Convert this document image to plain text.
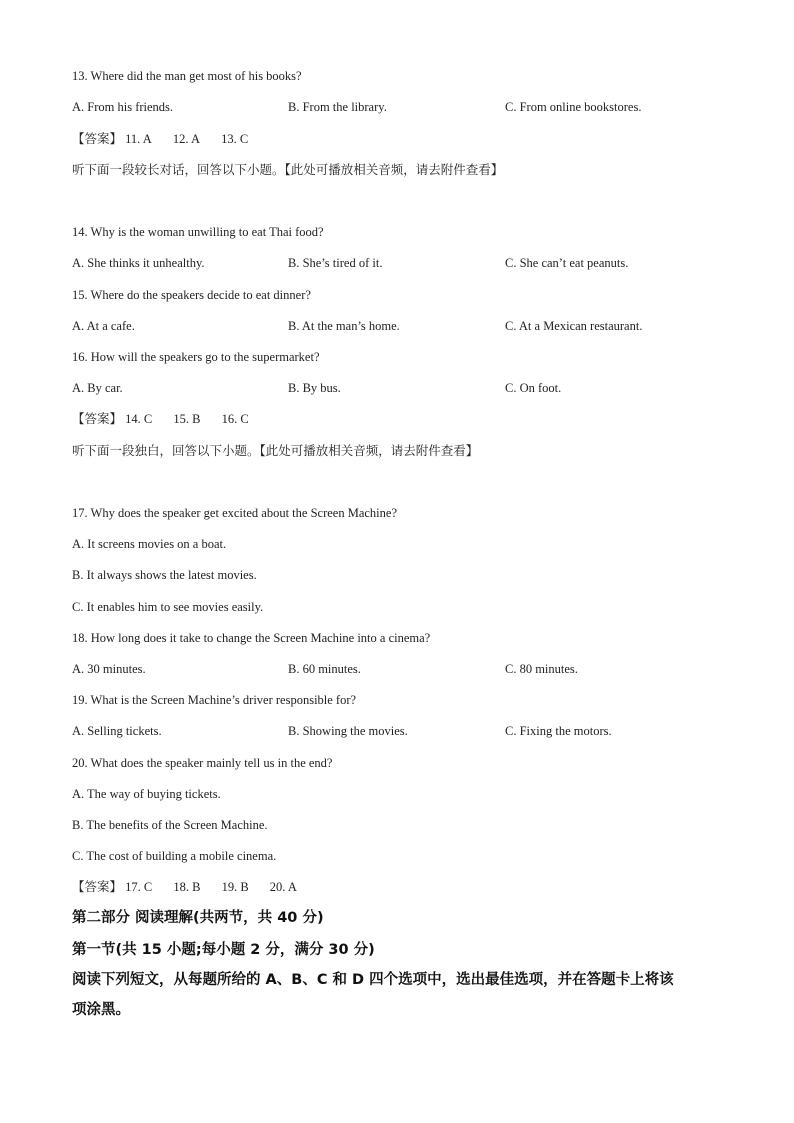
13. Where did the man get most of his books?
A. From his friends.	B. From the library.	C. From online bookstores.
【答案】 11. A 12. A 13. C
听下面一段较长对话，回答以下小题。【此处可播放相关音频，请去附件查看】
14. Why is the woman unwilling to eat Thai food?
A. She thinks it unhealthy.	B. She’s tired of it.	C. She can’t eat peanuts.
15. Where do the speakers decide to eat dinner?
A. At a cafe.	B. At the man’s home.	C. At a Mexican restaurant.
16. How will the speakers go to the supermarket?
A. By car.	B. By bus.	C. On foot.
【答案】 14. C 15. B 16. C
听下面一段独白，回答以下小题。【此处可播放相关音频，请去附件查看】
17. Why does the speaker get excited about the Screen Machine?
A. It screens movies on a boat.
B. It always shows the latest movies.
C. It enables him to see movies easily.
18. How long does it take to change the Screen Machine into a cinema?
A. 30 minutes.	B. 60 minutes.	C. 80 minutes.
19. What is the Screen Machine’s driver responsible for?
A. Selling tickets.	B. Showing the movies.	C. Fixing the motors.
20. What does the speaker mainly tell us in the end?
A. The way of buying tickets.
B. The benefits of the Screen Machine.
C. The cost of building a mobile cinema.
【答案】 17. C 18. B 19. B 20. A
第二部分 阅读理解(共两节，共 40 分)
第一节(共 15 小题;每小题 2 分，满分 30 分)
阅读下列短文，从每题所给的 A、B、C 和 D 四个选项中，选出最佳选项，并在答题卡上将该
项涂黑。
